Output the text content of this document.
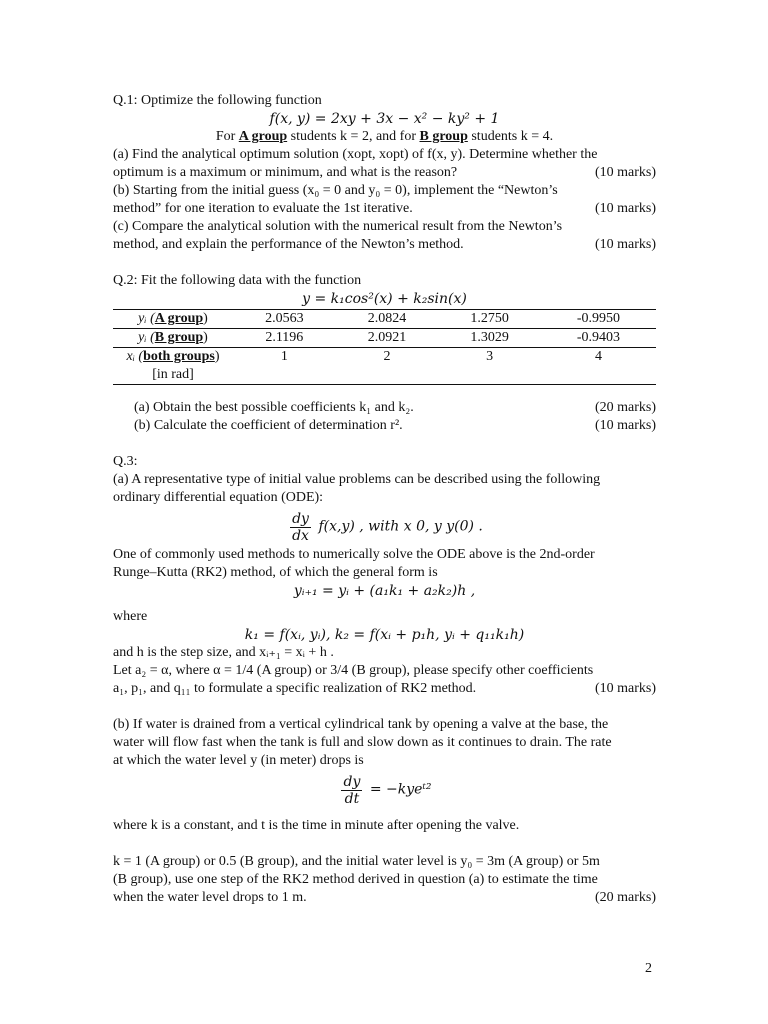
Q.1: Optimize the following function
f(x, y) = 2xy + 3x − x² − ky² + 1
For A group students k = 2, and for B group students k = 4.
(a) Find the analytical optimum solution (xopt, xopt) of f(x, y). Determine whether the
optimum is a maximum or minimum, and what is the reason?	(10 marks)
(b) Starting from the initial guess (x₀ = 0 and y₀ = 0), implement the “Newton’s
method” for one iteration to evaluate the 1st iterative.	(10 marks)
(c) Compare the analytical solution with the numerical result from the Newton’s
method, and explain the performance of the Newton’s method.	(10 marks)
Q.2: Fit the following data with the function
y = k₁cos²(x) + k₂sin(x)
yᵢ (A group)	2.0563	2.0824	1.2750	-0.9950
yᵢ (B group)	2.1196	2.0921	1.3029	-0.9403
xᵢ (both groups)	1	2	3	4
[in rad]				
(a) Obtain the best possible coefficients k₁ and k₂.	(20 marks)
(b) Calculate the coefficient of determination r².	(10 marks)
Q.3:
(a) A representative type of initial value problems can be described using the following
ordinary differential equation (ODE):
$\frac{dy}{dx} f(x,y)$ , with x 0, y y(0) .
One of commonly used methods to numerically solve the ODE above is the 2nd-order
Runge–Kutta (RK2) method, of which the general form is
yᵢ₊₁ = yᵢ + (a₁k₁ + a₂k₂)h ,
where
k₁ = f(xᵢ, yᵢ), k₂ = f(xᵢ + p₁h, yᵢ + q₁₁k₁h)
and h is the step size, and xᵢ₊₁ = xᵢ + h .
Let a₂ = α, where α = 1/4 (A group) or 3/4 (B group), please specify other coefficients
a₁, p₁, and q₁₁ to formulate a specific realization of RK2 method.	(10 marks)
(b) If water is drained from a vertical cylindrical tank by opening a valve at the base, the
water will flow fast when the tank is full and slow down as it continues to drain. The rate
at which the water level y (in meter) drops is
$\frac{dy}{dt}$ = −kyeᵗ²
where k is a constant, and t is the time in minute after opening the valve.
k = 1 (A group) or 0.5 (B group), and the initial water level is y₀ = 3m (A group) or 5m
(B group), use one step of the RK2 method derived in question (a) to estimate the time
when the water level drops to 1 m.	(20 marks)
2
